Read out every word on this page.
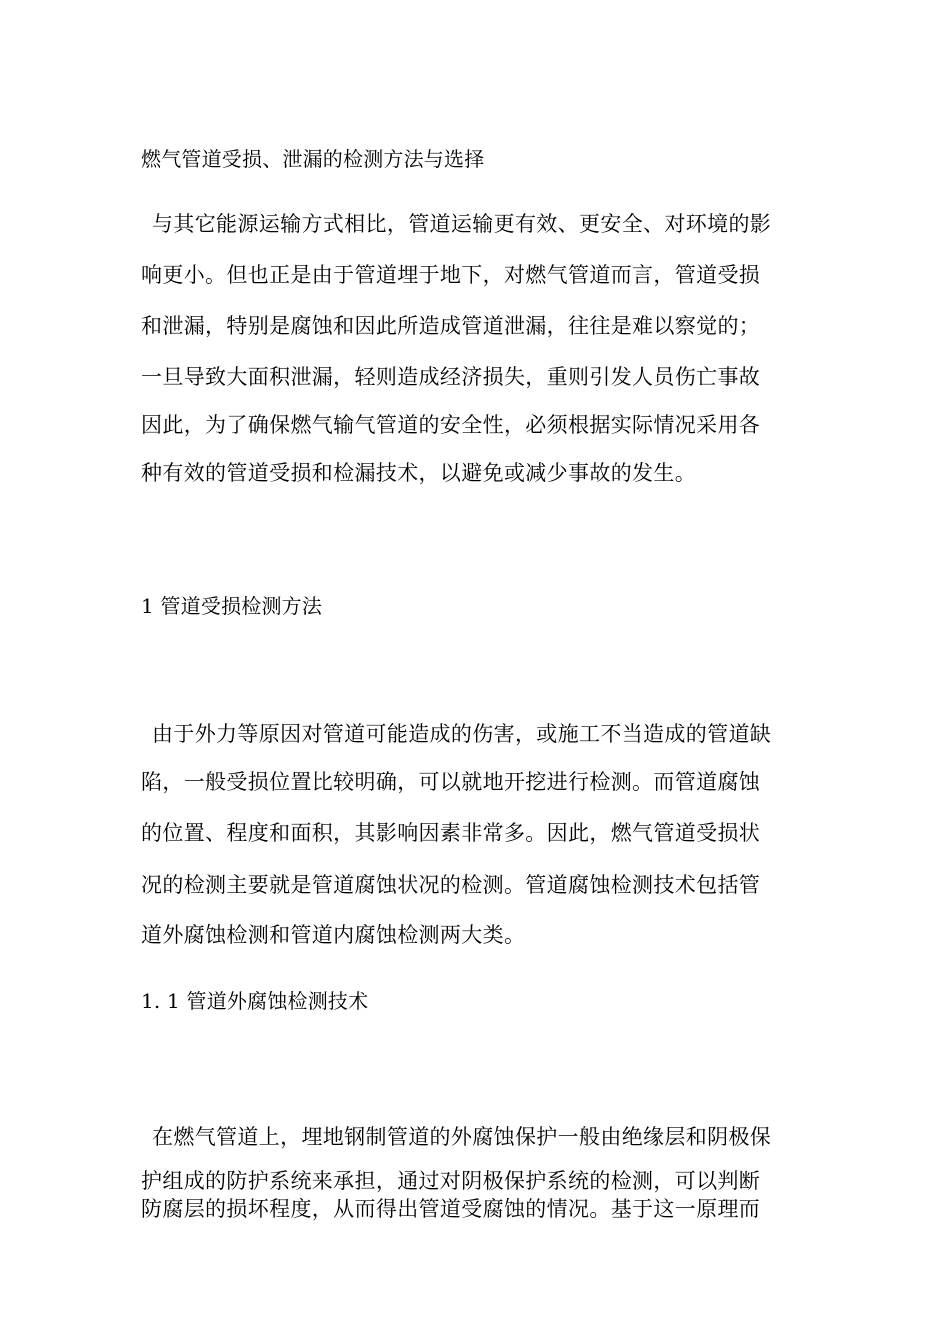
燃气管道受损、泄漏的检测方法与选择
与其它能源运输方式相比，管道运输更有效、更安全、对环境的影
响更小。但也正是由于管道埋于地下，对燃气管道而言，管道受损
和泄漏，特别是腐蚀和因此所造成管道泄漏，往往是难以察觉的；
一旦导致大面积泄漏，轻则造成经济损失，重则引发人员伤亡事故
因此，为了确保燃气输气管道的安全性，必须根据实际情况采用各
种有效的管道受损和检漏技术，以避免或减少事故的发生。
1 管道受损检测方法
由于外力等原因对管道可能造成的伤害，或施工不当造成的管道缺
陷，一般受损位置比较明确，可以就地开挖进行检测。而管道腐蚀
的位置、程度和面积，其影响因素非常多。因此，燃气管道受损状
况的检测主要就是管道腐蚀状况的检测。管道腐蚀检测技术包括管
道外腐蚀检测和管道内腐蚀检测两大类。
1. 1 管道外腐蚀检测技术
在燃气管道上，埋地钢制管道的外腐蚀保护一般由绝缘层和阴极保
护组成的防护系统来承担，通过对阴极保护系统的检测，可以判断
防腐层的损坏程度，从而得出管道受腐蚀的情况。基于这一原理而
